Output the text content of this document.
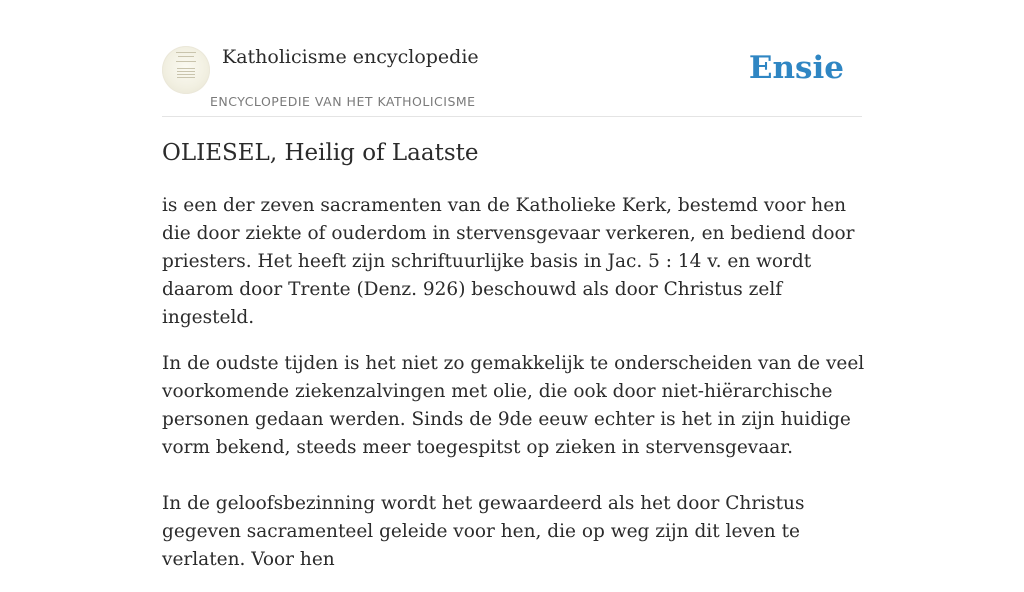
Katholicisme encyclopedie
ENCYCLOPEDIE VAN HET KATHOLICISME
Ensie
OLIESEL, Heilig of Laatste

is een der zeven sacramenten van de Katholieke Kerk, bestemd voor hen die door ziekte of ouderdom in stervensgevaar verkeren, en bediend door priesters. Het heeft zijn schriftuurlijke basis in Jac. 5 : 14 v. en wordt daarom door Trente (Denz. 926) beschouwd als door Christus zelf ingesteld.

In de oudste tijden is het niet zo gemakkelijk te onderscheiden van de veel voorkomende ziekenzalvingen met olie, die ook door niet-hiërarchische personen gedaan werden. Sinds de 9de eeuw echter is het in zijn huidige vorm bekend, steeds meer toegespitst op zieken in stervensgevaar.

In de geloofsbezinning wordt het gewaardeerd als het door Christus gegeven sacramenteel geleide voor hen, die op weg zijn dit leven te verlaten. Voor hen
